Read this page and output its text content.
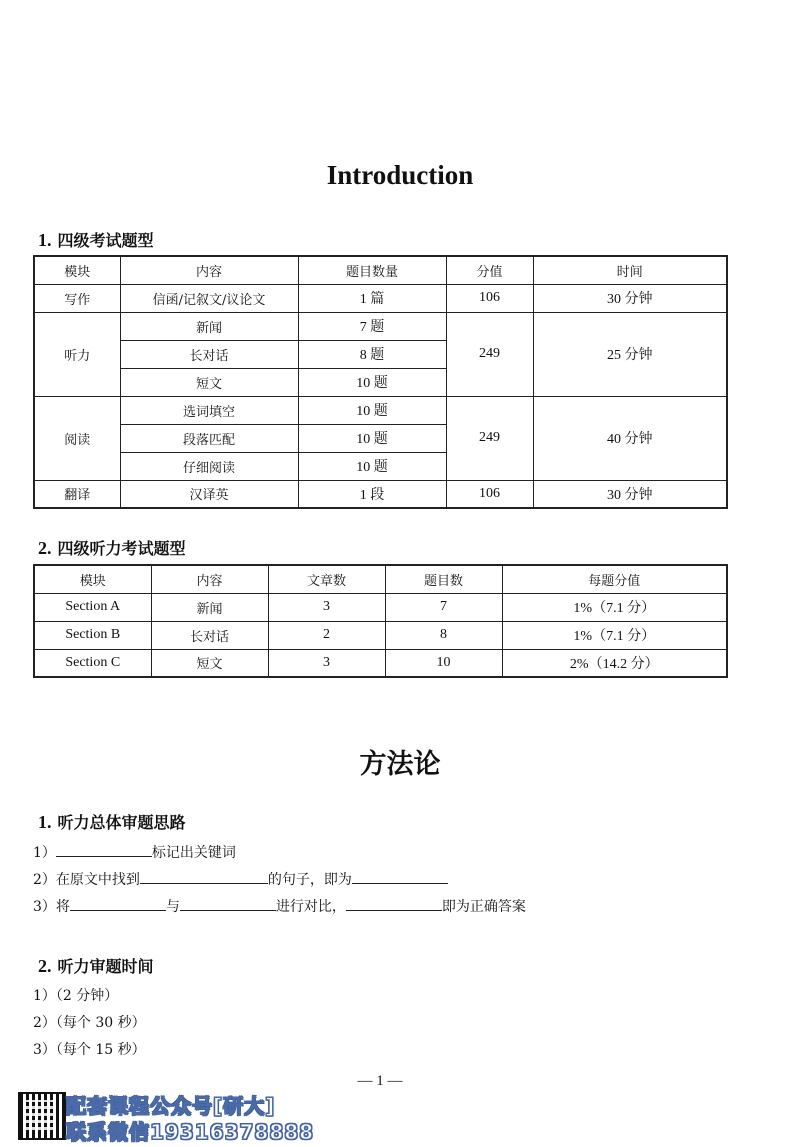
Introduction
1. 四级考试题型
模块	内容	题目数量	分值	时间
写作	信函/记叙文/议论文	1 篇	106	30 分钟
听力	新闻	7 题	249	25 分钟
	长对话	8 题		
	短文	10 题		
阅读	选词填空	10 题	249	40 分钟
	段落匹配	10 题		
	仔细阅读	10 题		
翻译	汉译英	1 段	106	30 分钟
2. 四级听力考试题型
模块	内容	文章数	题目数	每题分值
Section A	新闻	3	7	1%（7.1 分）
Section B	长对话	2	8	1%（7.1 分）
Section C	短文	3	10	2%（14.2 分）
方法论
1. 听力总体审题思路
1）	标记出关键词
2）在原文中找到	的句子，即为
3）将	与	进行对比，	即为正确答案
2. 听力审题时间
1）（2 分钟）
2）（每个 30 秒）
3）（每个 15 秒）
— 1 —
配套课程公众号[研大]
联系微信19316378888
